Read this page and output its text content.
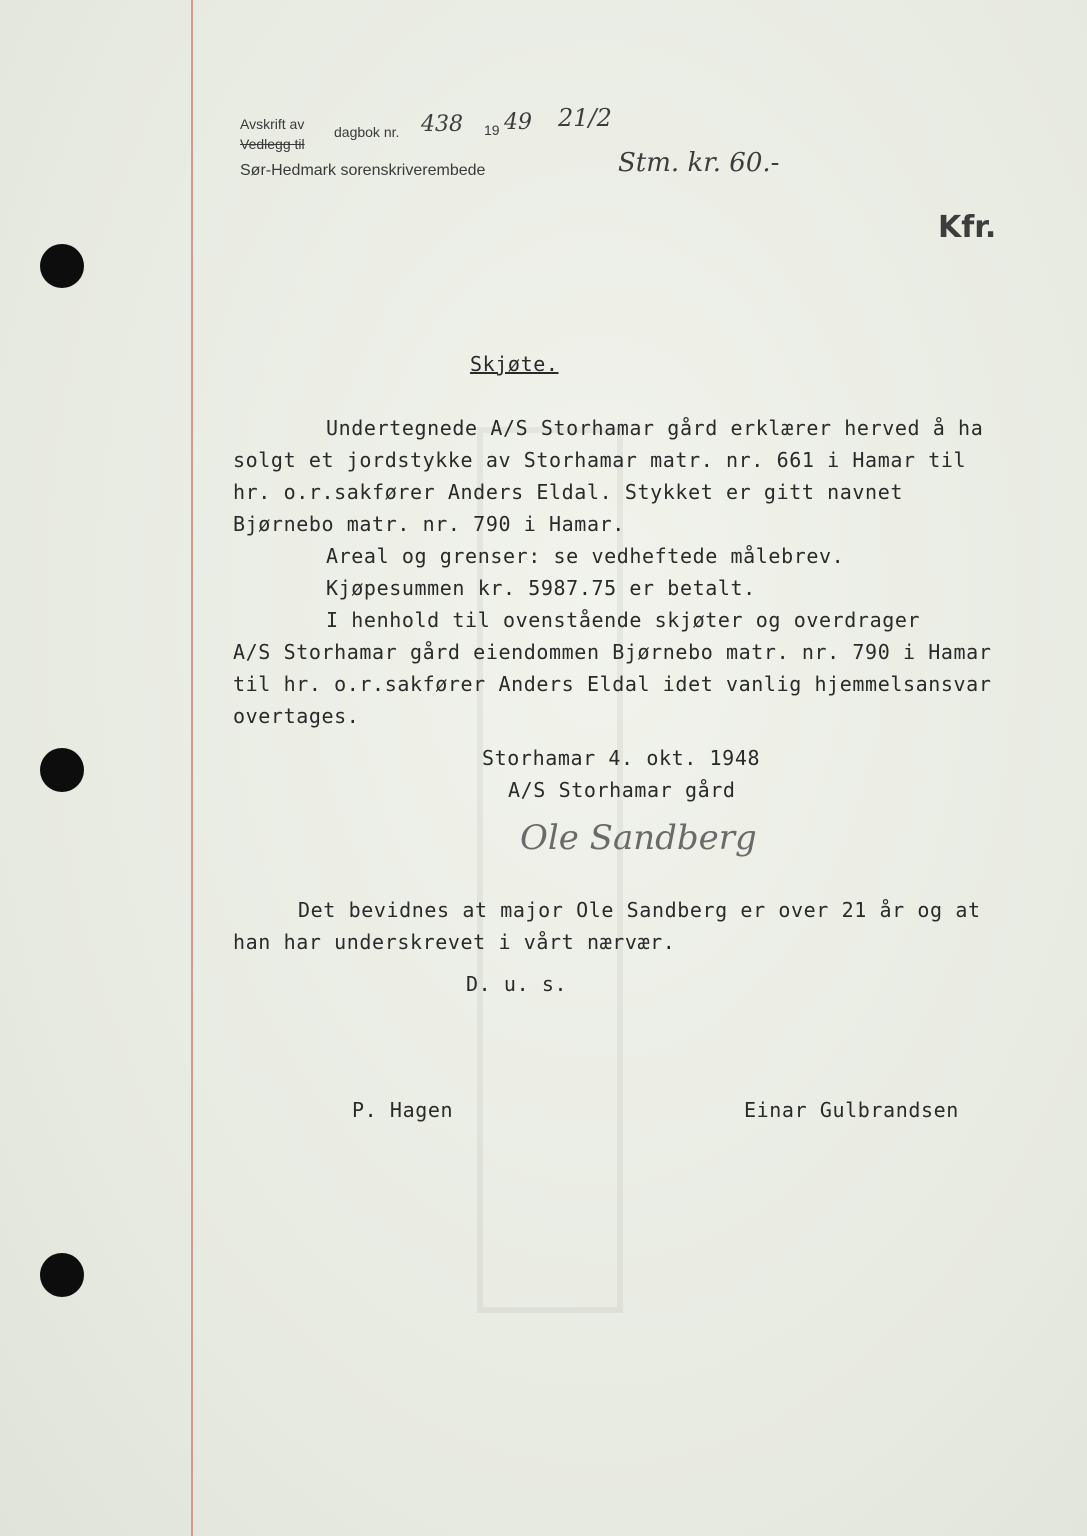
Avskrift av
Vedlegg til
dagbok nr. 438 19 49 21/2
Sør-Hedmark sorenskriverembede	Stm. kr. 60.-
Kfr.
Skjøte.
Undertegnede A/S Storhamar gård erklærer herved å ha
solgt et jordstykke av Storhamar matr. nr. 661 i Hamar til
hr. o.r.sakfører Anders Eldal. Stykket er gitt navnet
Bjørnebo matr. nr. 790 i Hamar.
Areal og grenser: se vedheftede målebrev.
Kjøpesummen kr. 5987.75 er betalt.
I henhold til ovenstående skjøter og overdrager
A/S Storhamar gård eiendommen Bjørnebo matr. nr. 790 i Hamar
til hr. o.r.sakfører Anders Eldal idet vanlig hjemmelsansvar
overtages.
Storhamar 4. okt. 1948
A/S Storhamar gård
Ole Sandberg
Det bevidnes at major Ole Sandberg er over 21 år og at
han har underskrevet i vårt nærvær.
D. u. s.
P. Hagen	Einar Gulbrandsen
